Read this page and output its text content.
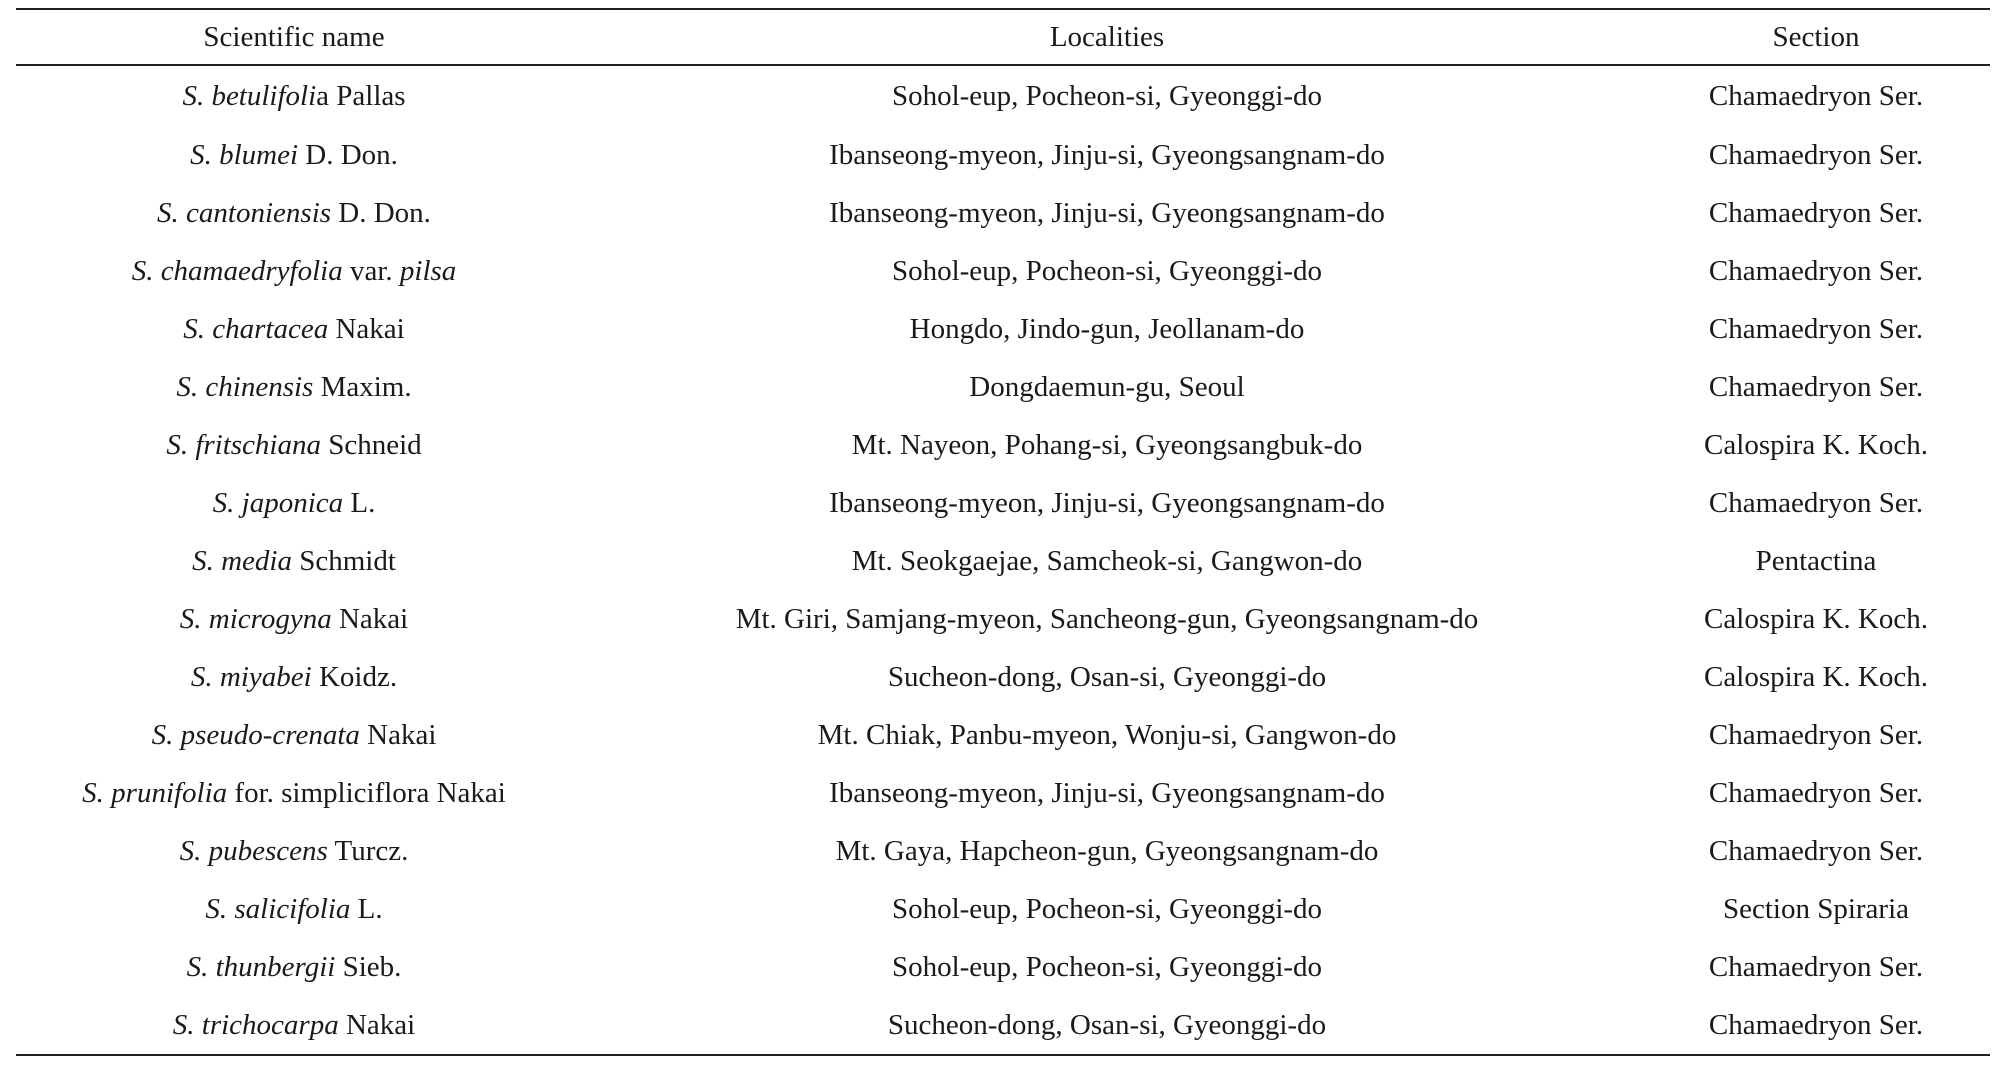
Scientific name	Localities	Section
S. betulifolia Pallas	Sohol-eup, Pocheon-si, Gyeonggi-do	Chamaedryon Ser.
S. blumei D. Don.	Ibanseong-myeon, Jinju-si, Gyeongsangnam-do	Chamaedryon Ser.
S. cantoniensis D. Don.	Ibanseong-myeon, Jinju-si, Gyeongsangnam-do	Chamaedryon Ser.
S. chamaedryfolia var. pilsa	Sohol-eup, Pocheon-si, Gyeonggi-do	Chamaedryon Ser.
S. chartacea Nakai	Hongdo, Jindo-gun, Jeollanam-do	Chamaedryon Ser.
S. chinensis Maxim.	Dongdaemun-gu, Seoul	Chamaedryon Ser.
S. fritschiana Schneid	Mt. Nayeon, Pohang-si, Gyeongsangbuk-do	Calospira K. Koch.
S. japonica L.	Ibanseong-myeon, Jinju-si, Gyeongsangnam-do	Chamaedryon Ser.
S. media Schmidt	Mt. Seokgaejae, Samcheok-si, Gangwon-do	Pentactina
S. microgyna Nakai	Mt. Giri, Samjang-myeon, Sancheong-gun, Gyeongsangnam-do	Calospira K. Koch.
S. miyabei Koidz.	Sucheon-dong, Osan-si, Gyeonggi-do	Calospira K. Koch.
S. pseudo-crenata Nakai	Mt. Chiak, Panbu-myeon, Wonju-si, Gangwon-do	Chamaedryon Ser.
S. prunifolia for. simpliciflora Nakai	Ibanseong-myeon, Jinju-si, Gyeongsangnam-do	Chamaedryon Ser.
S. pubescens Turcz.	Mt. Gaya, Hapcheon-gun, Gyeongsangnam-do	Chamaedryon Ser.
S. salicifolia L.	Sohol-eup, Pocheon-si, Gyeonggi-do	Section Spiraria
S. thunbergii Sieb.	Sohol-eup, Pocheon-si, Gyeonggi-do	Chamaedryon Ser.
S. trichocarpa Nakai	Sucheon-dong, Osan-si, Gyeonggi-do	Chamaedryon Ser.
